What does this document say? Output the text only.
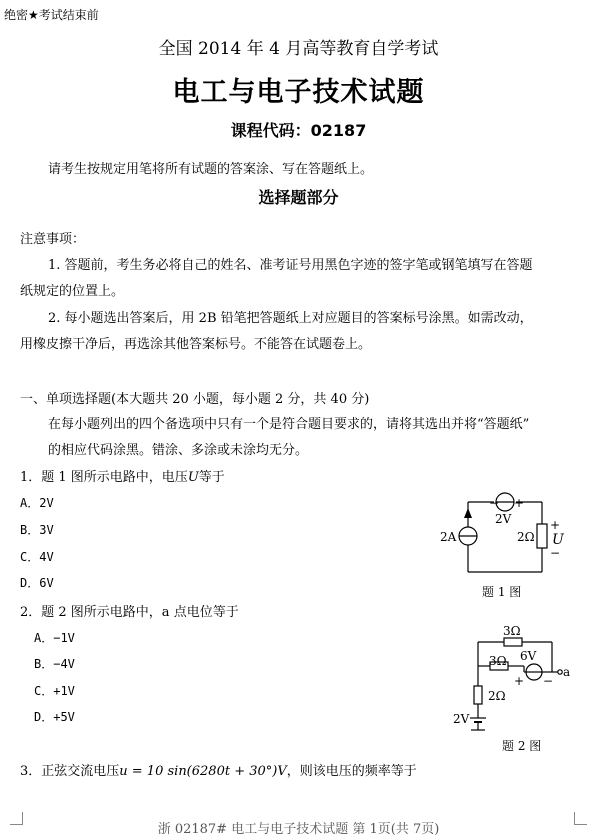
绝密★考试结束前
全国 2014 年 4 月高等教育自学考试
电工与电子技术试题
课程代码：02187
请考生按规定用笔将所有试题的答案涂、写在答题纸上。
选择题部分
注意事项：
1. 答题前，考生务必将自己的姓名、准考证号用黑色字迹的签字笔或钢笔填写在答题
纸规定的位置上。
2. 每小题选出答案后，用 2B 铅笔把答题纸上对应题目的答案标号涂黑。如需改动，
用橡皮擦干净后，再选涂其他答案标号。不能答在试题卷上。
一、单项选择题(本大题共 20 小题，每小题 2 分，共 40 分)
在每小题列出的四个备选项中只有一个是符合题目要求的，请将其选出并将“答题纸”
的相应代码涂黑。错涂、多涂或未涂均无分。
1．题 1 图所示电路中，电压U等于
A．2V
B．3V
C．4V
D．6V
− +
2V
2A	2Ω
+
U
−
题 1 图
2．题 2 图所示电路中，a 点电位等于
A．−1V
B．−4V
C．+1V
D．+5V
3Ω
3Ω 6V
+ −
a
2Ω
2V
题 2 图
3．正弦交流电压u = 10 sin(6280t + 30°)V，则该电压的频率等于
浙 02187# 电工与电子技术试题 第 1页(共 7页)
